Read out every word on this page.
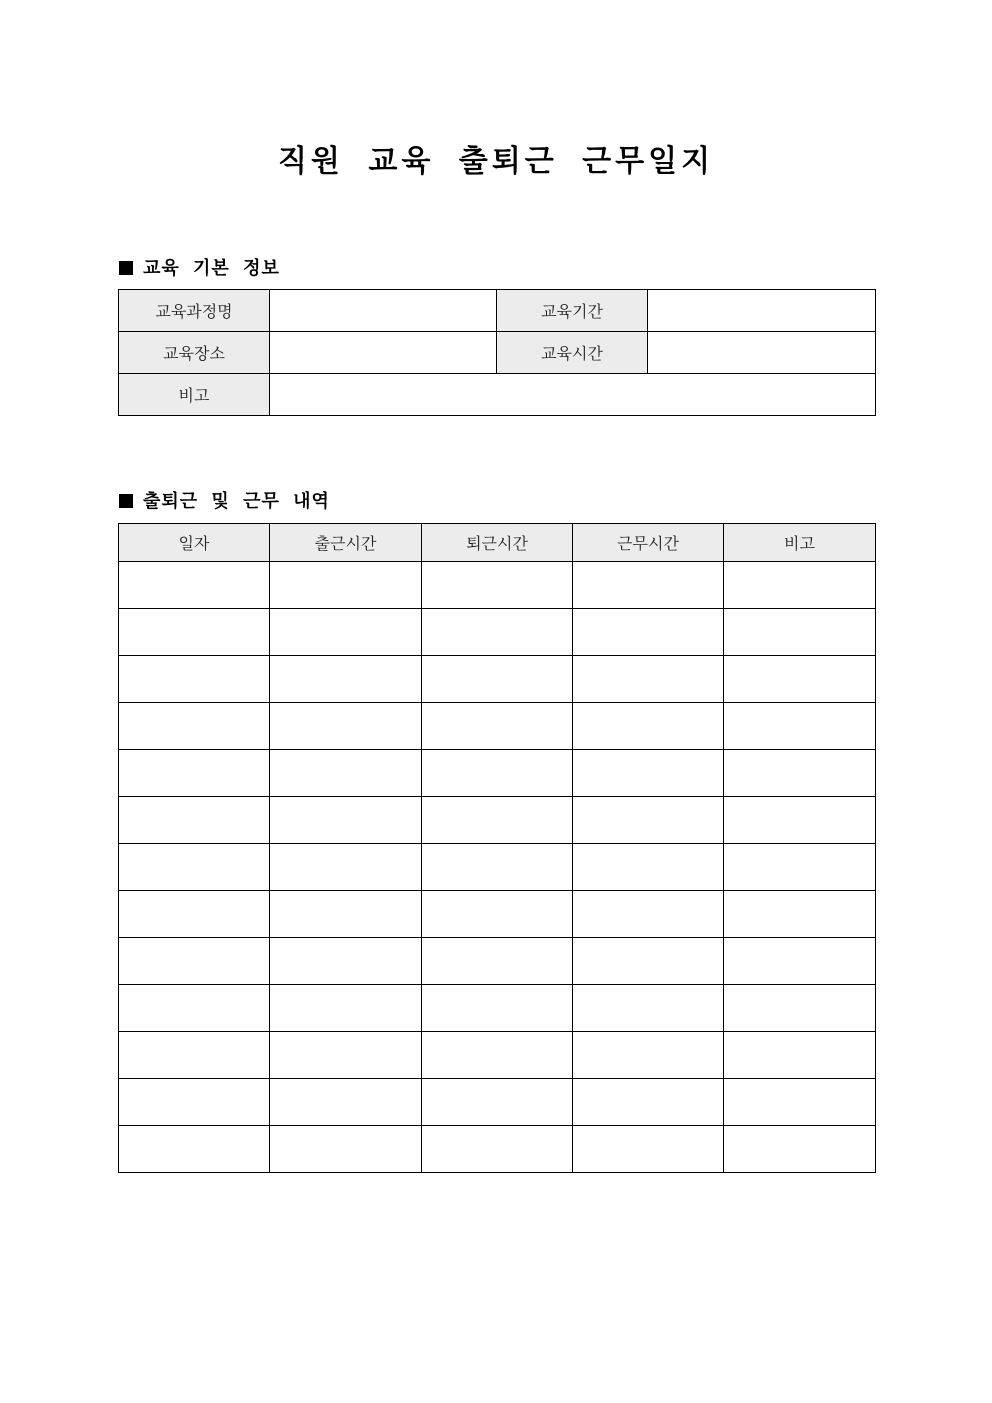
직원 교육 출퇴근 근무일지
교육 기본 정보
교육과정명		교육기간	
교육장소		교육시간	
비고			
출퇴근 및 근무 내역
일자	출근시간	퇴근시간	근무시간	비고
